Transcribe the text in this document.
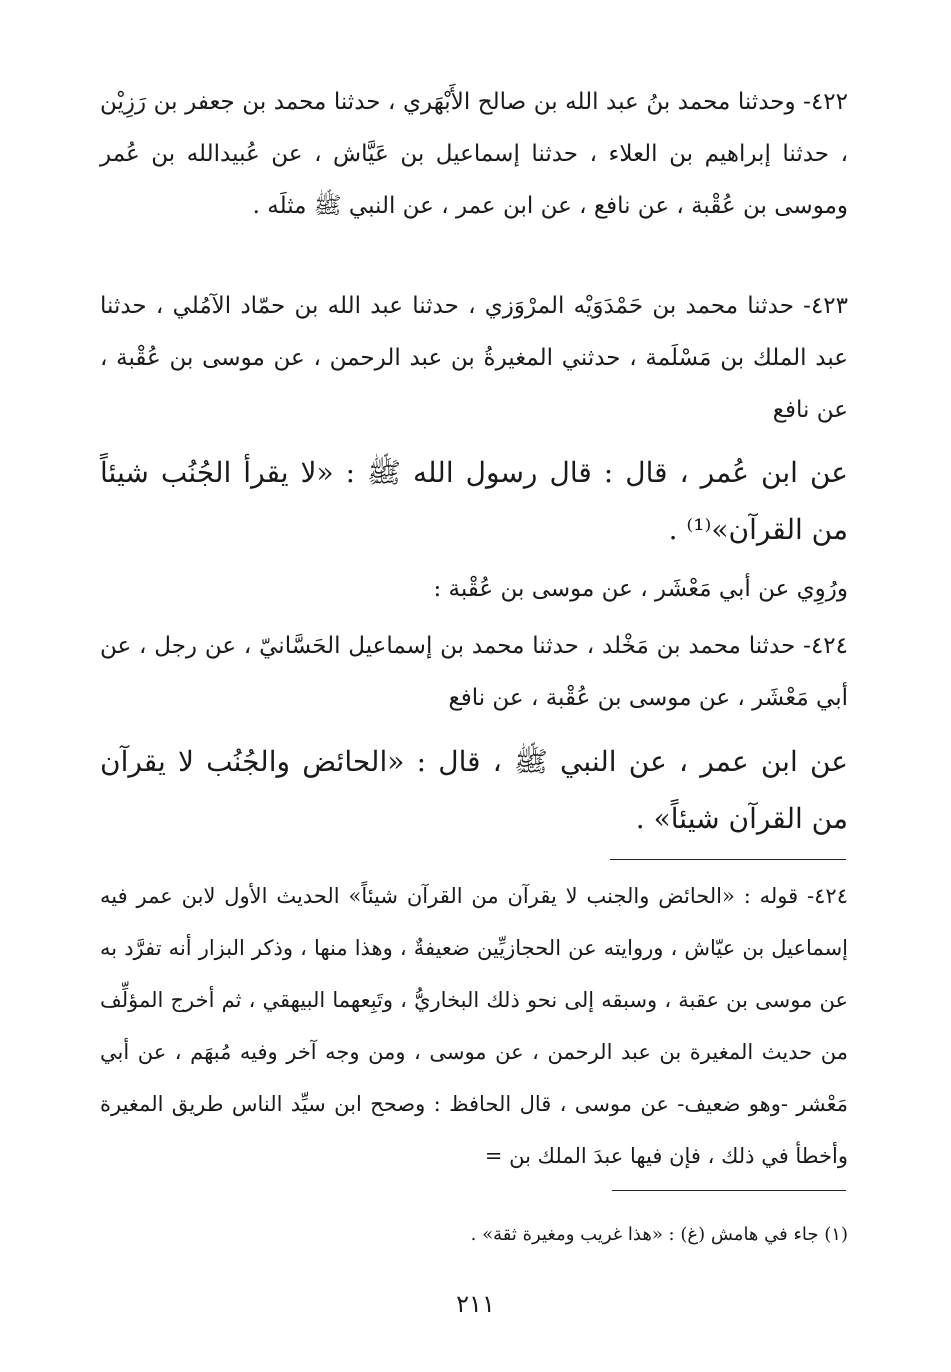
٤٢٢- وحدثنا محمد بنُ عبد الله بن صالح الأَبْهَري ، حدثنا محمد بن جعفر بن رَزِيْن ، حدثنا إبراهيم بن العلاء ، حدثنا إسماعيل بن عَيَّاش ، عن عُبيدالله بن عُمر وموسى بن عُقْبة ، عن نافع ، عن ابن عمر ، عن النبي ﷺ مثلَه .

٤٢٣- حدثنا محمد بن حَمْدَوَيْه المرْوَزي ، حدثنا عبد الله بن حمّاد الآمُلي ، حدثنا عبد الملك بن مَسْلَمة ، حدثني المغيرةُ بن عبد الرحمن ، عن موسى بن عُقْبة ، عن نافع

عن ابن عُمر ، قال : قال رسول الله ﷺ : «لا يقرأ الجُنُب شيئاً من القرآن»⁽¹⁾ .

ورُوِي عن أبي مَعْشَر ، عن موسى بن عُقْبة :

٤٢٤- حدثنا محمد بن مَخْلد ، حدثنا محمد بن إسماعيل الحَسَّانيّ ، عن رجل ، عن أبي مَعْشَر ، عن موسى بن عُقْبة ، عن نافع

عن ابن عمر ، عن النبي ﷺ ، قال : «الحائض والجُنُب لا يقرآن من القرآن شيئاً» .

٤٢٤- قوله : «الحائض والجنب لا يقرآن من القرآن شيئاً» الحديث الأول لابن عمر فيه إسماعيل بن عيّاش ، وروايته عن الحجازيِّين ضعيفةٌ ، وهذا منها ، وذكر البزار أنه تفرَّد به عن موسى بن عقبة ، وسبقه إلى نحو ذلك البخاريُّ ، وتَبِعهما البيهقي ، ثم أخرج المؤلِّف من حديث المغيرة بن عبد الرحمن ، عن موسى ، ومن وجه آخر وفيه مُبهَم ، عن أبي مَعْشر -وهو ضعيف- عن موسى ، قال الحافظ : وصحح ابن سيِّد الناس طريق المغيرة وأخطأ في ذلك ، فإن فيها عبدَ الملك بن =

(١) جاء في هامش (غ) : «هذا غريب ومغيرة ثقة» .

٢١١
